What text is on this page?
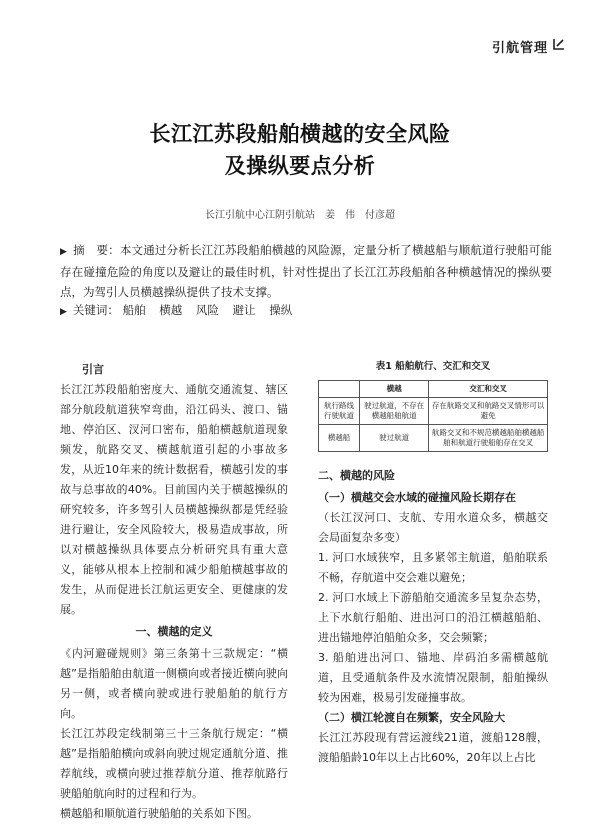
引航管理
长江江苏段船舶横越的安全风险
及操纵要点分析
长江引航中心江阴引航站　姜　伟　付彦超
▶ 摘　要：本文通过分析长江江苏段船舶横越的风险源，定量分析了横越船与顺航道行驶船可能存在碰撞危险的角度以及避让的最佳时机，针对性提出了长江江苏段船舶各种横越情况的操纵要点，为驾引人员横越操纵提供了技术支撑。
▶ 关键词： 船舶 横越 风险 避让 操纵

引言

长江江苏段船舶密度大、通航交通流复、辖区部分航段航道狭窄弯曲，沿江码头、渡口、锚地、停泊区、汊河口密布，船舶横越航道现象频发，航路交叉、横越航道引起的小事故多发，从近10年来的统计数据看，横越引发的事故与总事故的40%。目前国内关于横越操纵的研究较多，许多驾引人员横越操纵都是凭经验进行避让，安全风险较大，极易造成事故，所以对横越操纵具体要点分析研究具有重大意义，能够从根本上控制和减少船舶横越事故的发生，从而促进长江航运更安全、更健康的发展。

一、横越的定义

《内河避碰规则》第三条第十三款规定：“横越”是指船舶由航道一侧横向或者接近横向驶向另一侧，或者横向驶或进行驶船舶的航行方向。

长江江苏段定线制第三十三条航行规定：“横越”是指船舶横向或斜向驶过规定通航分道、推荐航线，或横向驶过推荐航分道、推荐航路行驶船舶航向时的过程和行为。

横越船和顺航道行驶船舶的关系如下图。

表1 船舶航行、交汇和交叉
	横越	交汇和交叉
航行路线行驶航道	驶过航道，不存在横越船舶航道	存在航路交叉和航路交叉情形可以避免
横越船	驶过航道	航路交叉和不规范横越船舶横越船舶和航道行驶船舶存在交叉

二、横越的风险

（一）横越交会水域的碰撞风险长期存在

（长江汊河口、支航、专用水道众多，横越交会局面复杂多变）

1. 河口水域狭窄，且多紧邻主航道，船舶联系不畅，存航道中交会难以避免；

2. 河口水域上下游船舶交通流多呈复杂态势，上下水航行船舶、进出河口的沿江横越船舶、进出锚地停泊船舶众多，交会频繁；

3. 船舶进出河口、锚地、岸码泊多需横越航道，且受通航条件及水流情况限制，船舶操纵较为困难，极易引发碰撞事故。

（二）横江轮渡自在频繁，安全风险大

长江江苏段现有营运渡线21道，渡船128艘，渡船船龄10年以上占比60%，20年以上占比
